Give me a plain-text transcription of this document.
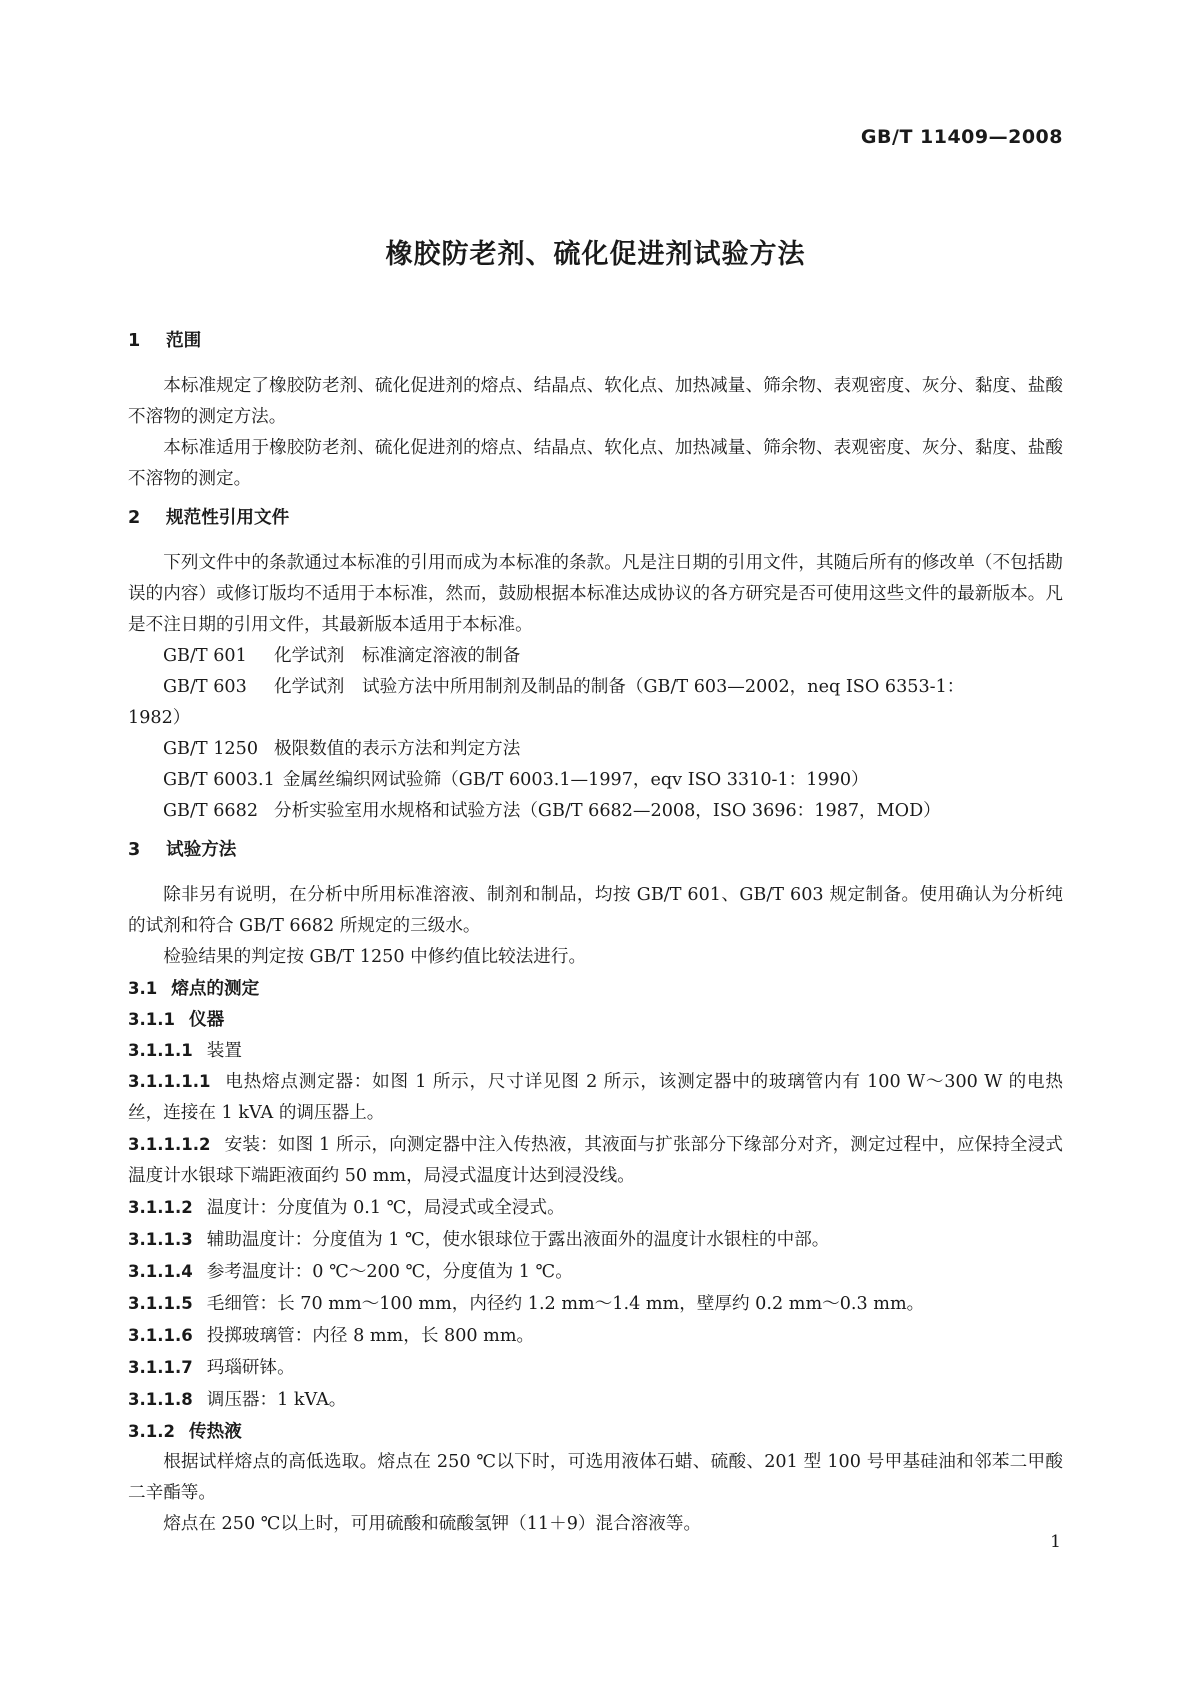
GB/T 11409—2008
橡胶防老剂、硫化促进剂试验方法
1 范围

本标准规定了橡胶防老剂、硫化促进剂的熔点、结晶点、软化点、加热减量、筛余物、表观密度、灰分、黏度、盐酸不溶物的测定方法。

本标准适用于橡胶防老剂、硫化促进剂的熔点、结晶点、软化点、加热减量、筛余物、表观密度、灰分、黏度、盐酸不溶物的测定。

2 规范性引用文件

下列文件中的条款通过本标准的引用而成为本标准的条款。凡是注日期的引用文件，其随后所有的修改单（不包括勘误的内容）或修订版均不适用于本标准，然而，鼓励根据本标准达成协议的各方研究是否可使用这些文件的最新版本。凡是不注日期的引用文件，其最新版本适用于本标准。

GB/T 601 化学试剂　标准滴定溶液的制备
GB/T 603 化学试剂　试验方法中所用制剂及制品的制备（GB/T 603—2002，neq ISO 6353-1：
1982）
GB/T 1250 极限数值的表示方法和判定方法
GB/T 6003.1 金属丝编织网试验筛（GB/T 6003.1—1997，eqv ISO 3310-1：1990）
GB/T 6682 分析实验室用水规格和试验方法（GB/T 6682—2008，ISO 3696：1987，MOD）
3 试验方法

除非另有说明，在分析中所用标准溶液、制剂和制品，均按 GB/T 601、GB/T 603 规定制备。使用确认为分析纯的试剂和符合 GB/T 6682 所规定的三级水。

检验结果的判定按 GB/T 1250 中修约值比较法进行。

3.1 熔点的测定
3.1.1 仪器
3.1.1.1 装置

3.1.1.1.1 电热熔点测定器：如图 1 所示，尺寸详见图 2 所示，该测定器中的玻璃管内有 100 W～300 W 的电热丝，连接在 1 kVA 的调压器上。

3.1.1.1.2 安装：如图 1 所示，向测定器中注入传热液，其液面与扩张部分下缘部分对齐，测定过程中，应保持全浸式温度计水银球下端距液面约 50 mm，局浸式温度计达到浸没线。

3.1.1.2 温度计：分度值为 0.1 ℃，局浸式或全浸式。

3.1.1.3 辅助温度计：分度值为 1 ℃，使水银球位于露出液面外的温度计水银柱的中部。

3.1.1.4 参考温度计：0 ℃～200 ℃，分度值为 1 ℃。

3.1.1.5 毛细管：长 70 mm～100 mm，内径约 1.2 mm～1.4 mm，壁厚约 0.2 mm～0.3 mm。

3.1.1.6 投掷玻璃管：内径 8 mm，长 800 mm。

3.1.1.7 玛瑙研钵。

3.1.1.8 调压器：1 kVA。

3.1.2 传热液

根据试样熔点的高低选取。熔点在 250 ℃以下时，可选用液体石蜡、硫酸、201 型 100 号甲基硅油和邻苯二甲酸二辛酯等。

熔点在 250 ℃以上时，可用硫酸和硫酸氢钾（11＋9）混合溶液等。

1
